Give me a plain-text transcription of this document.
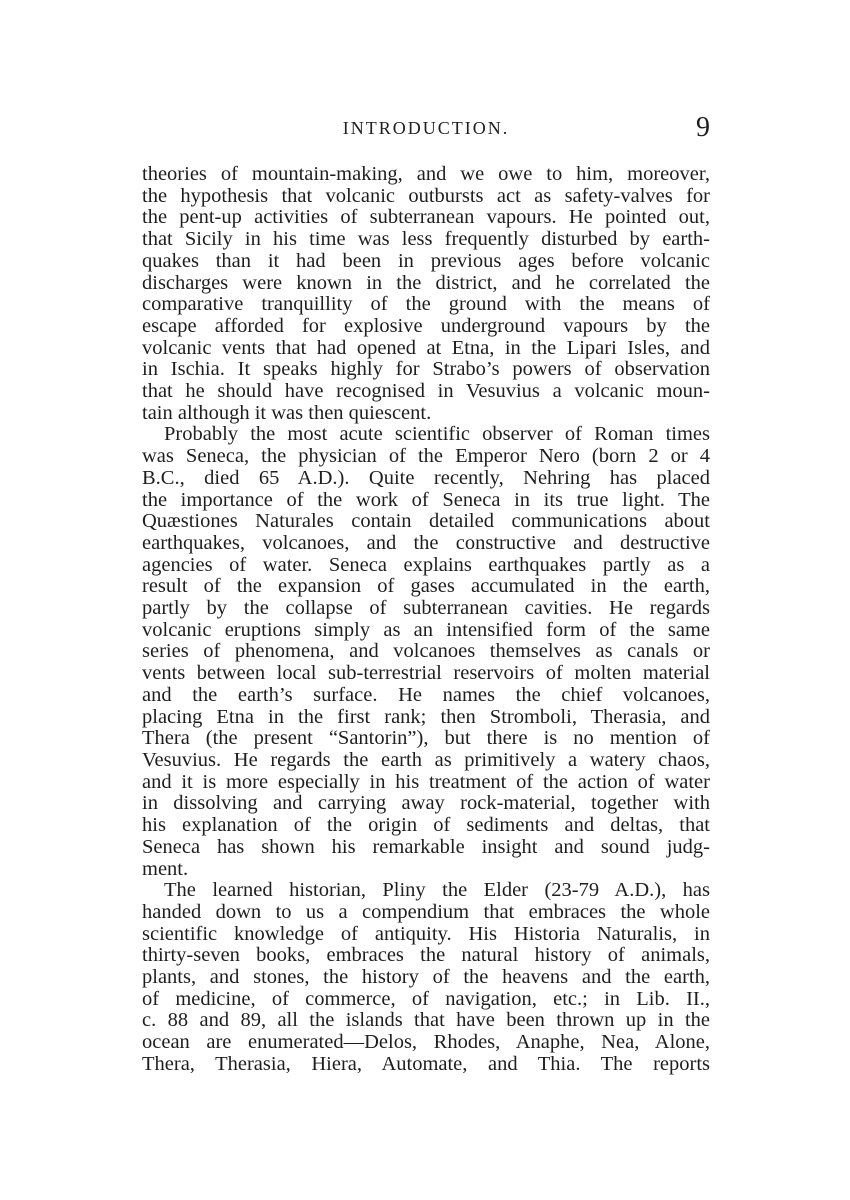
INTRODUCTION.	9

theories of mountain-making, and we owe to him, moreover,

the hypothesis that volcanic outbursts act as safety-valves for

the pent-up activities of subterranean vapours. He pointed out,

that Sicily in his time was less frequently disturbed by earth-

quakes than it had been in previous ages before volcanic

discharges were known in the district, and he correlated the

comparative tranquillity of the ground with the means of

escape afforded for explosive underground vapours by the

volcanic vents that had opened at Etna, in the Lipari Isles, and

in Ischia. It speaks highly for Strabo’s powers of observation

that he should have recognised in Vesuvius a volcanic moun-

tain although it was then quiescent.

Probably the most acute scientific observer of Roman times

was Seneca, the physician of the Emperor Nero (born 2 or 4

B.C., died 65 A.D.). Quite recently, Nehring has placed

the importance of the work of Seneca in its true light. The

Quæstiones Naturales contain detailed communications about

earthquakes, volcanoes, and the constructive and destructive

agencies of water. Seneca explains earthquakes partly as a

result of the expansion of gases accumulated in the earth,

partly by the collapse of subterranean cavities. He regards

volcanic eruptions simply as an intensified form of the same

series of phenomena, and volcanoes themselves as canals or

vents between local sub-terrestrial reservoirs of molten material

and the earth’s surface. He names the chief volcanoes,

placing Etna in the first rank; then Stromboli, Therasia, and

Thera (the present “Santorin”), but there is no mention of

Vesuvius. He regards the earth as primitively a watery chaos,

and it is more especially in his treatment of the action of water

in dissolving and carrying away rock-material, together with

his explanation of the origin of sediments and deltas, that

Seneca has shown his remarkable insight and sound judg-

ment.

The learned historian, Pliny the Elder (23-79 A.D.), has

handed down to us a compendium that embraces the whole

scientific knowledge of antiquity. His Historia Naturalis, in

thirty-seven books, embraces the natural history of animals,

plants, and stones, the history of the heavens and the earth,

of medicine, of commerce, of navigation, etc.; in Lib. II.,

c. 88 and 89, all the islands that have been thrown up in the

ocean are enumerated—Delos, Rhodes, Anaphe, Nea, Alone,

Thera, Therasia, Hiera, Automate, and Thia. The reports
